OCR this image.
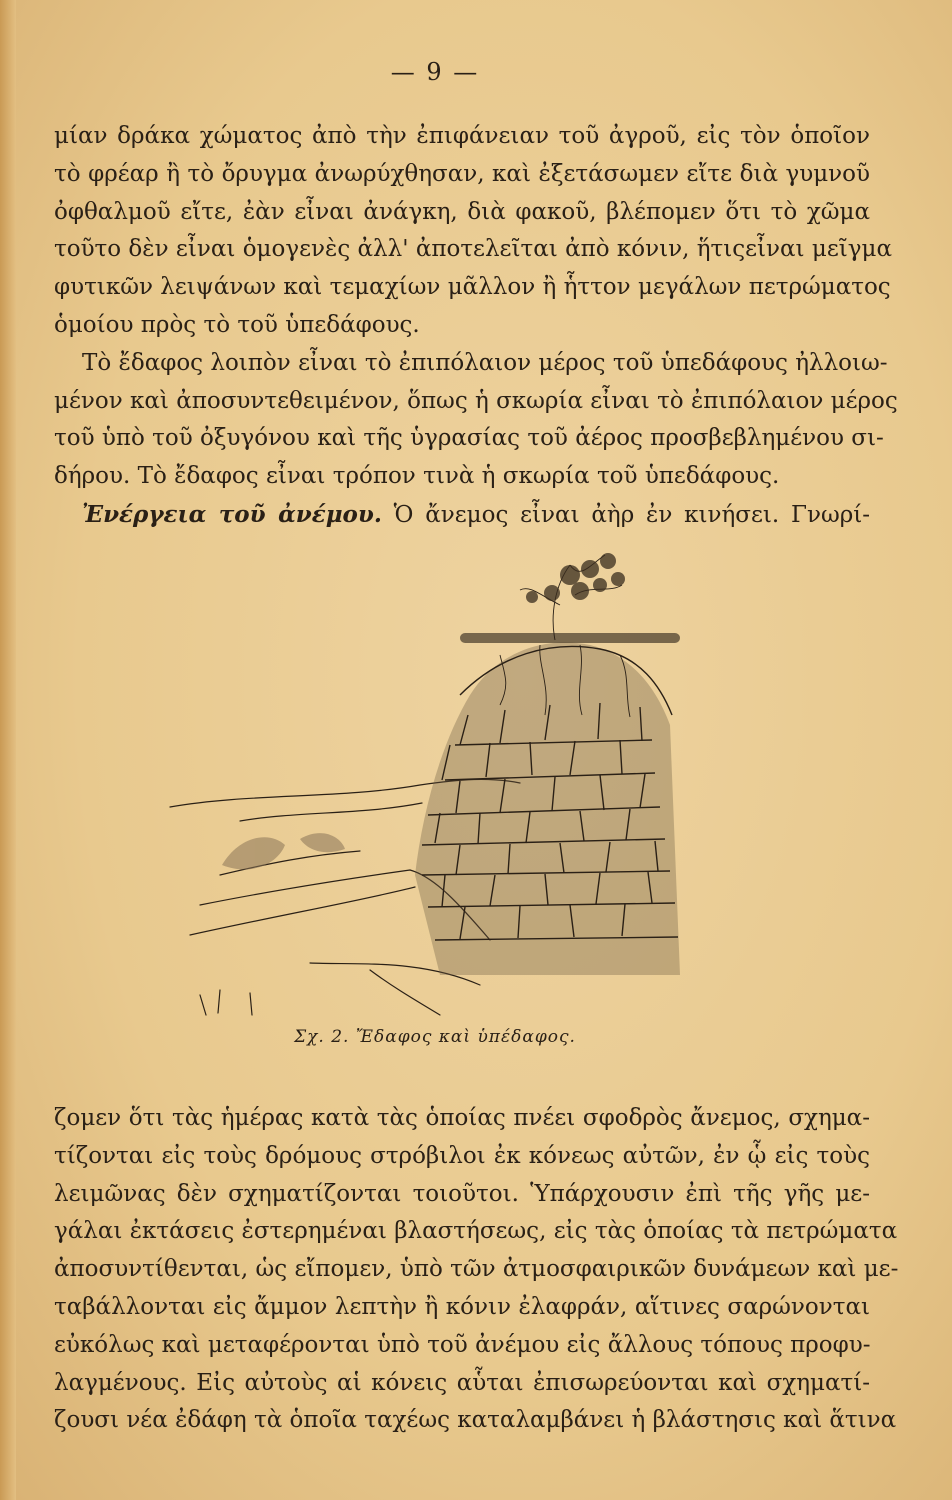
— 9 —
μίαν δράκα χώματος ἀπὸ τὴν ἐπιφάνειαν τοῦ ἀγροῦ, εἰς τὸν ὁποῖον
τὸ φρέαρ ἢ τὸ ὄρυγμα ἀνωρύχθησαν, καὶ ἐξετάσωμεν εἴτε διὰ γυμνοῦ
ὀφθαλμοῦ εἴτε, ἐὰν εἶναι ἀνάγκη, διὰ φακοῦ, βλέπομεν ὅτι τὸ χῶμα
τοῦτο δὲν εἶναι ὁμογενὲς ἀλλ' ἀποτελεῖται ἀπὸ κόνιν, ἥτιςεἶναι μεῖγμα
φυτικῶν λειψάνων καὶ τεμαχίων μᾶλλον ἢ ἧττον μεγάλων πετρώματος
ὁμοίου πρὸς τὸ τοῦ ὑπεδάφους.
Τὸ ἔδαφος λοιπὸν εἶναι τὸ ἐπιπόλαιον μέρος τοῦ ὑπεδάφους ἠλλοιω-
μένον καὶ ἀποσυντεθειμένον, ὅπως ἡ σκωρία εἶναι τὸ ἐπιπόλαιον μέρος
τοῦ ὑπὸ τοῦ ὀξυγόνου καὶ τῆς ὑγρασίας τοῦ ἀέρος προσβεβλημένου σι-
δήρου. Τὸ ἔδαφος εἶναι τρόπον τινὰ ἡ σκωρία τοῦ ὑπεδάφους.
Ἐνέργεια τοῦ ἀνέμου. Ὁ ἄνεμος εἶναι ἀὴρ ἐν κινήσει. Γνωρί-
Σχ. 2. Ἔδαφος καὶ ὑπέδαφος.
ζομεν ὅτι τὰς ἡμέρας κατὰ τὰς ὁποίας πνέει σφοδρὸς ἄνεμος, σχημα-
τίζονται εἰς τοὺς δρόμους στρόβιλοι ἐκ κόνεως αὐτῶν, ἐν ᾧ εἰς τοὺς
λειμῶνας δὲν σχηματίζονται τοιοῦτοι. Ὑπάρχουσιν ἐπὶ τῆς γῆς με-
γάλαι ἐκτάσεις ἐστερημέναι βλαστήσεως, εἰς τὰς ὁποίας τὰ πετρώματα
ἀποσυντίθενται, ὡς εἴπομεν, ὑπὸ τῶν ἀτμοσφαιρικῶν δυνάμεων καὶ με-
ταβάλλονται εἰς ἄμμον λεπτὴν ἢ κόνιν ἐλαφράν, αἵτινες σαρώνονται
εὐκόλως καὶ μεταφέρονται ὑπὸ τοῦ ἀνέμου εἰς ἄλλους τόπους προφυ-
λαγμένους. Εἰς αὐτοὺς αἱ κόνεις αὗται ἐπισωρεύονται καὶ σχηματί-
ζουσι νέα ἐδάφη τὰ ὁποῖα ταχέως καταλαμβάνει ἡ βλάστησις καὶ ἅτινα
